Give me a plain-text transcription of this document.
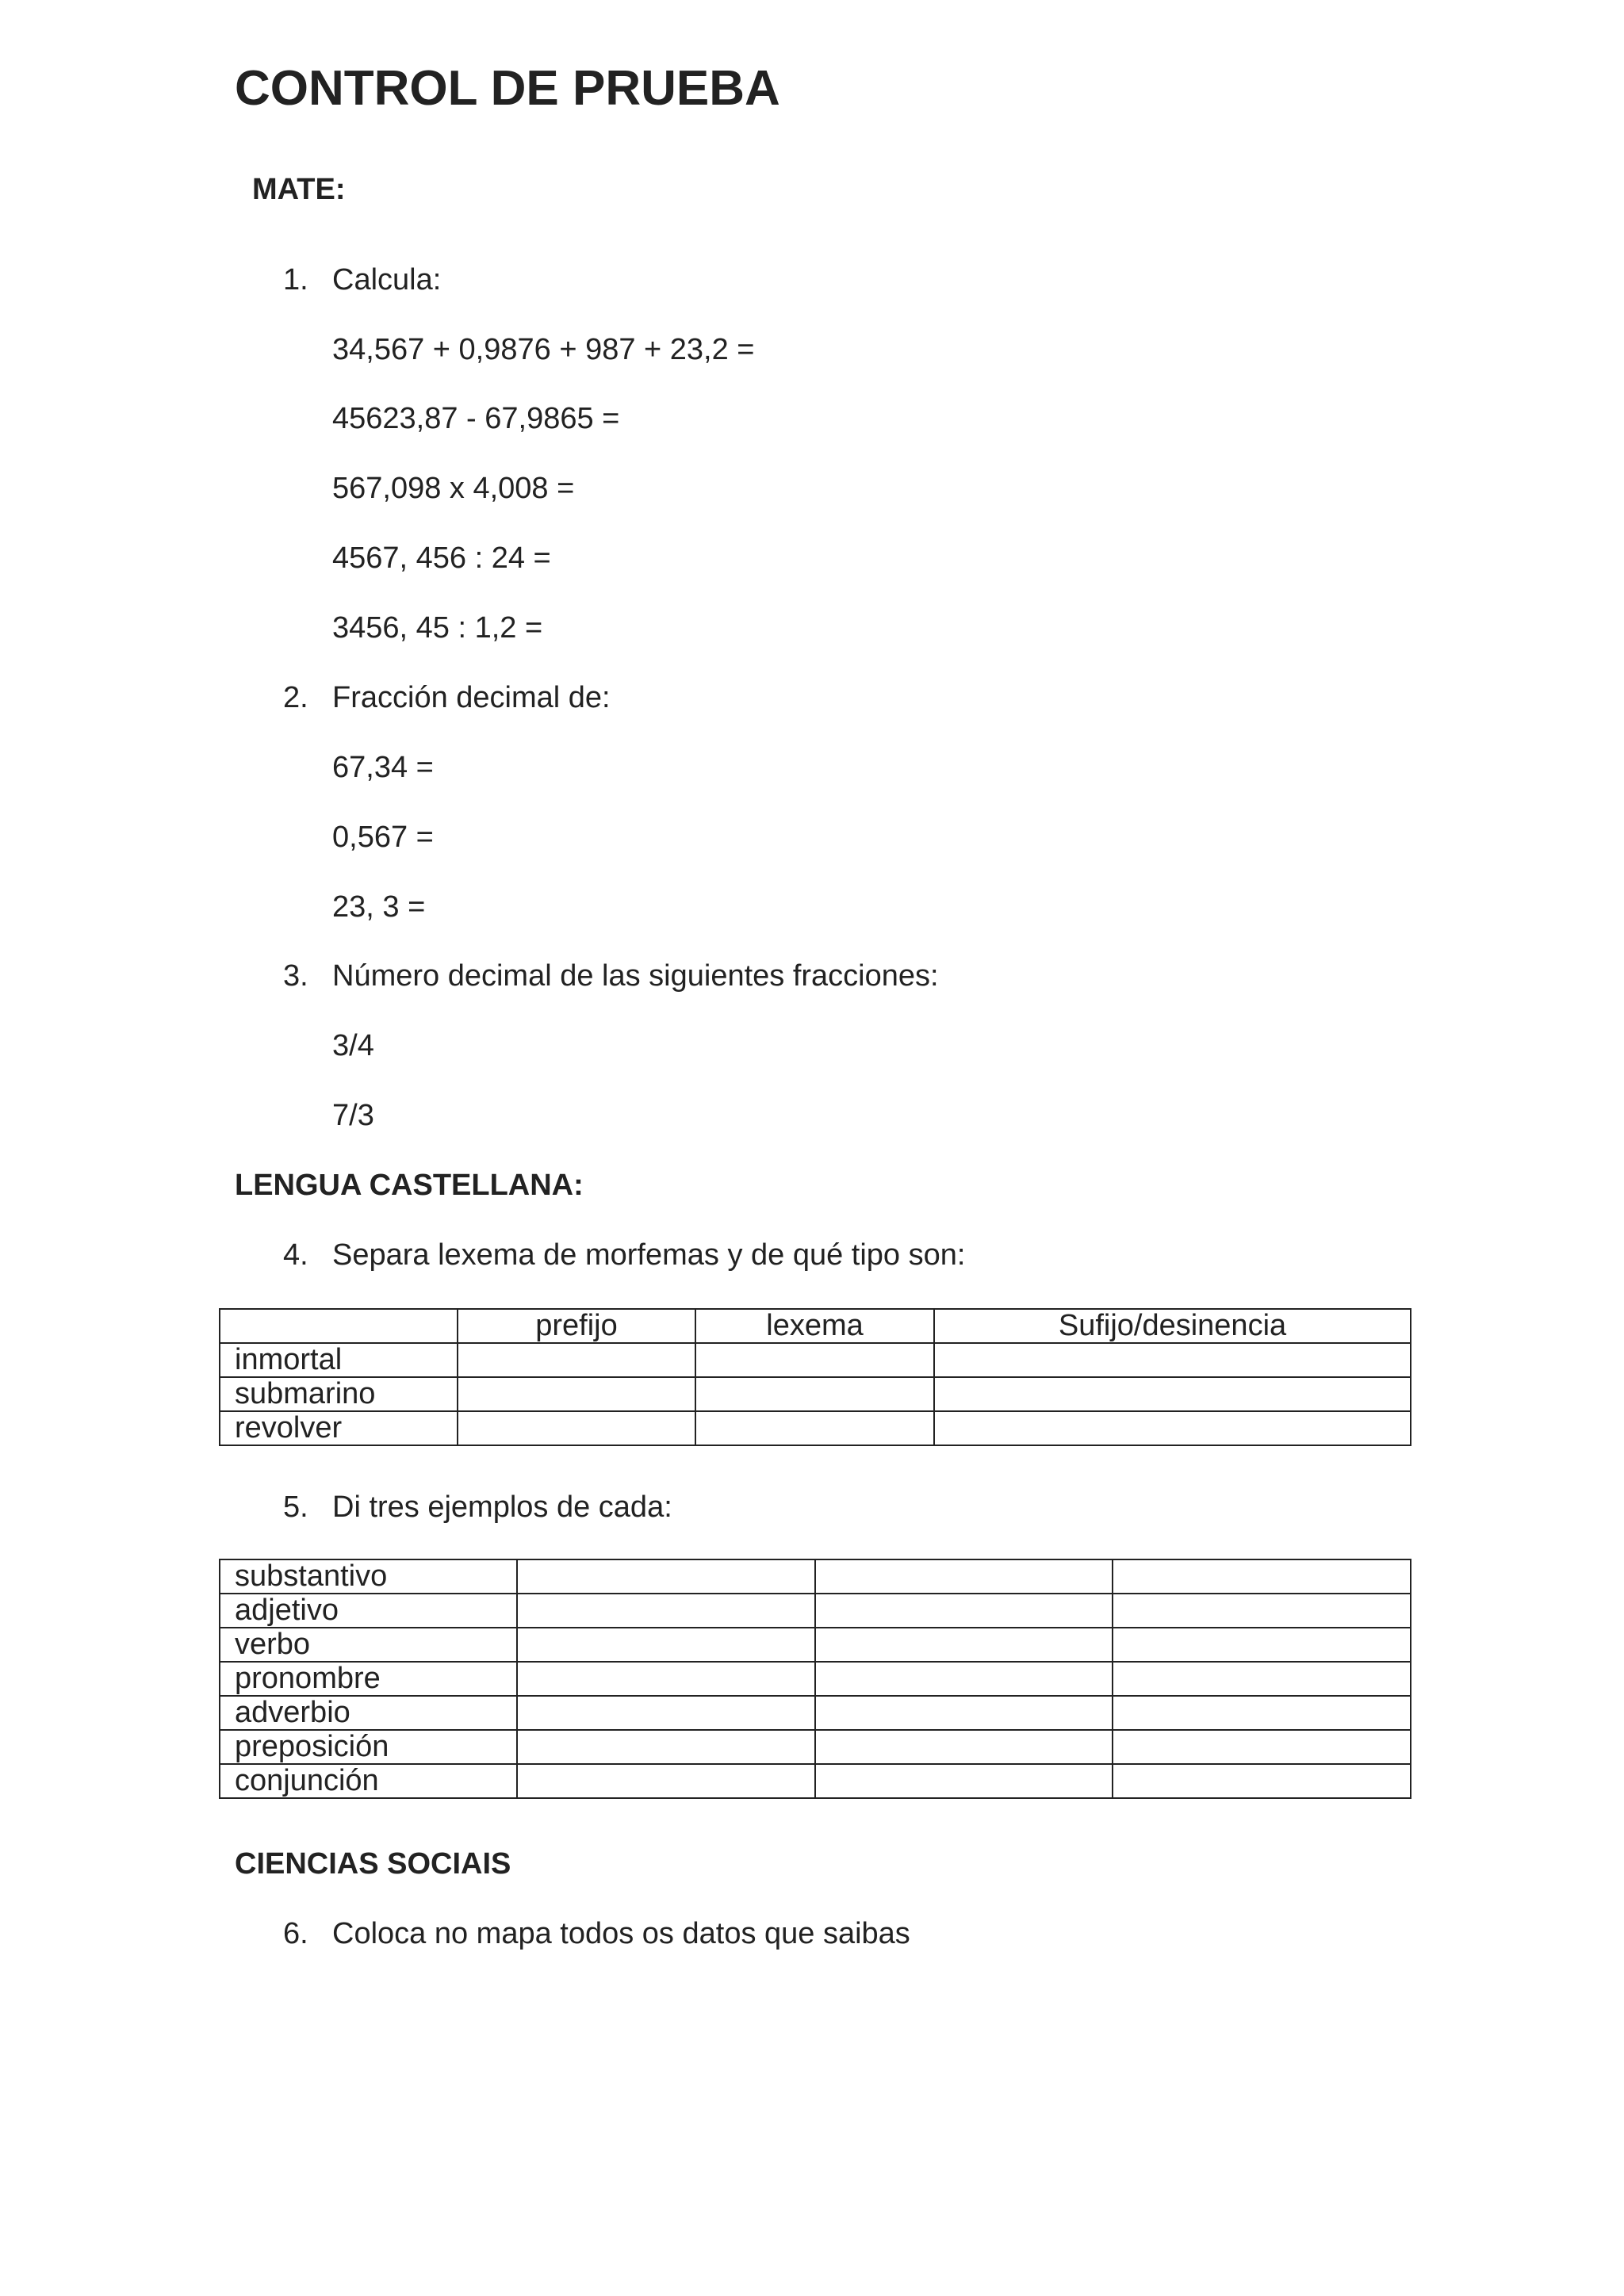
CONTROL DE PRUEBA
MATE:
1. Calcula:
34,567 + 0,9876 + 987 + 23,2 =
45623,87 - 67,9865 =
567,098 x 4,008 =
4567, 456 : 24 =
3456, 45 : 1,2 =
2. Fracción decimal de:
67,34 =
0,567 =
23, 3 =
3. Número decimal de las siguientes fracciones:
3/4
7/3
LENGUA CASTELLANA:
4. Separa lexema de morfemas y de qué tipo son:
	prefijo	lexema	Sufijo/desinencia
inmortal			
submarino			
revolver			
5. Di tres ejemplos de cada:
substantivo			
adjetivo			
verbo			
pronombre			
adverbio			
preposición			
conjunción			
CIENCIAS SOCIAIS
6. Coloca no mapa todos os datos que saibas
